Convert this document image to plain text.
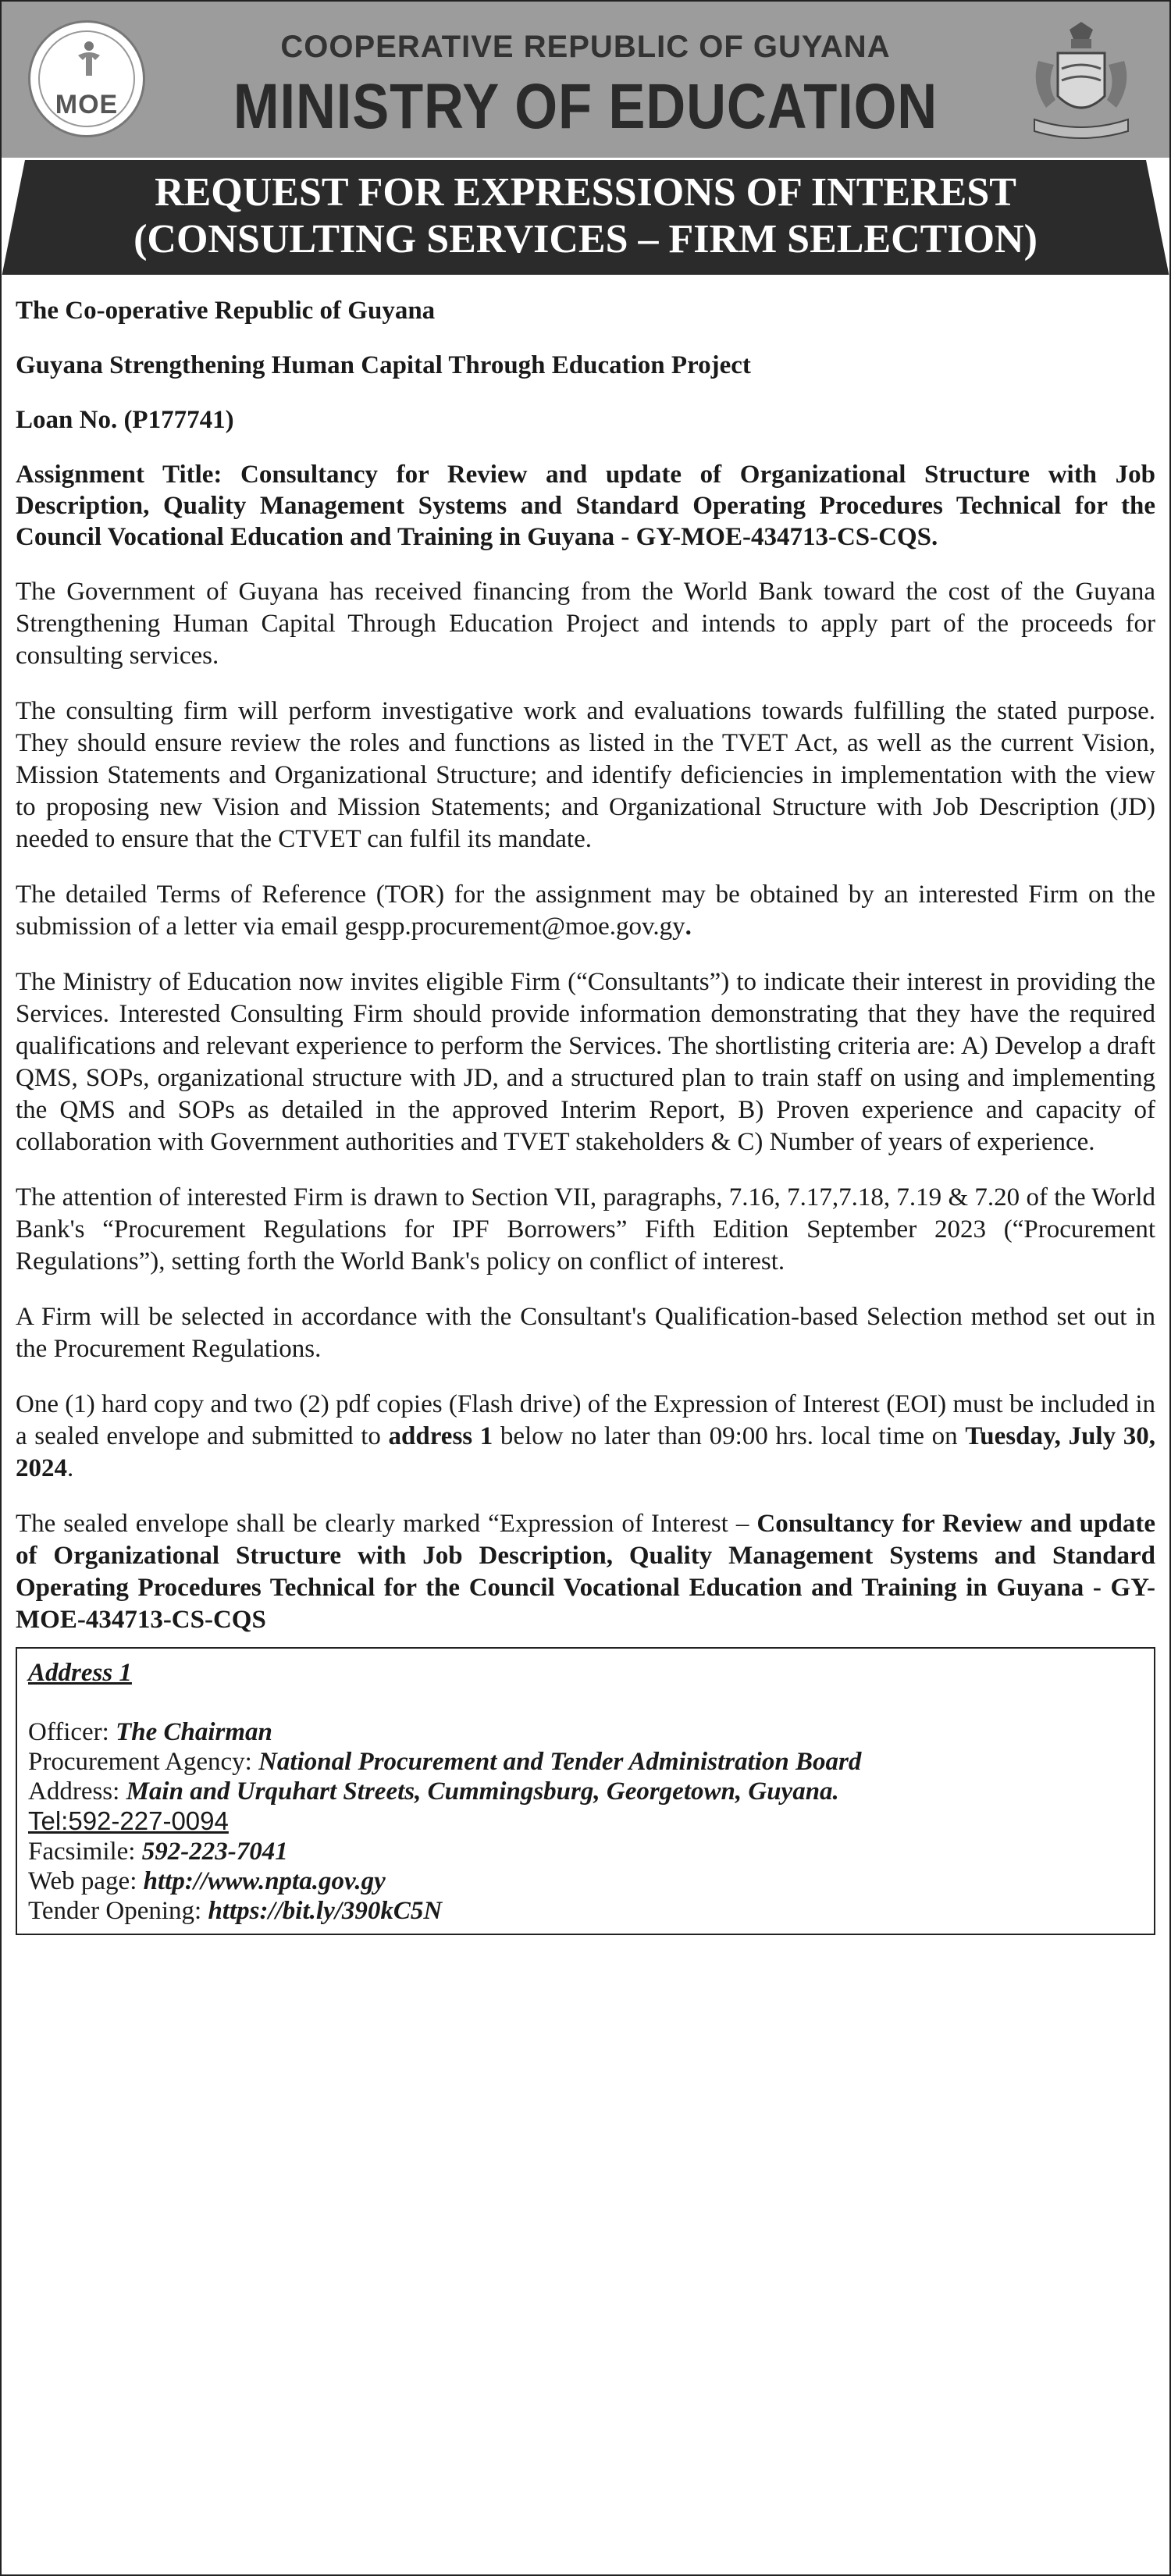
MOE
COOPERATIVE REPUBLIC OF GUYANA
MINISTRY OF EDUCATION
REQUEST FOR EXPRESSIONS OF INTEREST
(CONSULTING SERVICES – FIRM SELECTION)
The Co-operative Republic of Guyana
Guyana Strengthening Human Capital Through Education Project
Loan No. (P177741)
Assignment Title: Consultancy for Review and update of Organizational Structure with Job Description, Quality Management Systems and Standard Operating Procedures Technical for the Council Vocational Education and Training in Guyana - GY-MOE-434713-CS-CQS.

The Government of Guyana has received financing from the World Bank toward the cost of the Guyana Strengthening Human Capital Through Education Project and intends to apply part of the proceeds for consulting services.

The consulting firm will perform investigative work and evaluations towards fulfilling the stated purpose. They should ensure review the roles and functions as listed in the TVET Act, as well as the current Vision, Mission Statements and Organizational Structure; and identify deficiencies in implementation with the view to proposing new Vision and Mission Statements; and Organizational Structure with Job Description (JD) needed to ensure that the CTVET can fulfil its mandate.

The detailed Terms of Reference (TOR) for the assignment may be obtained by an interested Firm on the submission of a letter via email gespp.procurement@moe.gov.gy.

The Ministry of Education now invites eligible Firm (“Consultants”) to indicate their interest in providing the Services. Interested Consulting Firm should provide information demonstrating that they have the required qualifications and relevant experience to perform the Services. The shortlisting criteria are: A) Develop a draft QMS, SOPs, organizational structure with JD, and a structured plan to train staff on using and implementing the QMS and SOPs as detailed in the approved Interim Report, B) Proven experience and capacity of collaboration with Government authorities and TVET stakeholders & C) Number of years of experience.

The attention of interested Firm is drawn to Section VII, paragraphs, 7.16, 7.17,7.18, 7.19 & 7.20 of the World Bank's “Procurement Regulations for IPF Borrowers” Fifth Edition September 2023 (“Procurement Regulations”), setting forth the World Bank's policy on conflict of interest.

A Firm will be selected in accordance with the Consultant's Qualification-based Selection method set out in the Procurement Regulations.

One (1) hard copy and two (2) pdf copies (Flash drive) of the Expression of Interest (EOI) must be included in a sealed envelope and submitted to address 1 below no later than 09:00 hrs. local time on Tuesday, July 30, 2024.

The sealed envelope shall be clearly marked “Expression of Interest – Consultancy for Review and update of Organizational Structure with Job Description, Quality Management Systems and Standard Operating Procedures Technical for the Council Vocational Education and Training in Guyana - GY-MOE-434713-CS-CQS

Address 1
Officer: The Chairman
Procurement Agency: National Procurement and Tender Administration Board
Address: Main and Urquhart Streets, Cummingsburg, Georgetown, Guyana.
Tel:592-227-0094
Facsimile: 592-223-7041
Web page: http://www.npta.gov.gy
Tender Opening: https://bit.ly/390kC5N
